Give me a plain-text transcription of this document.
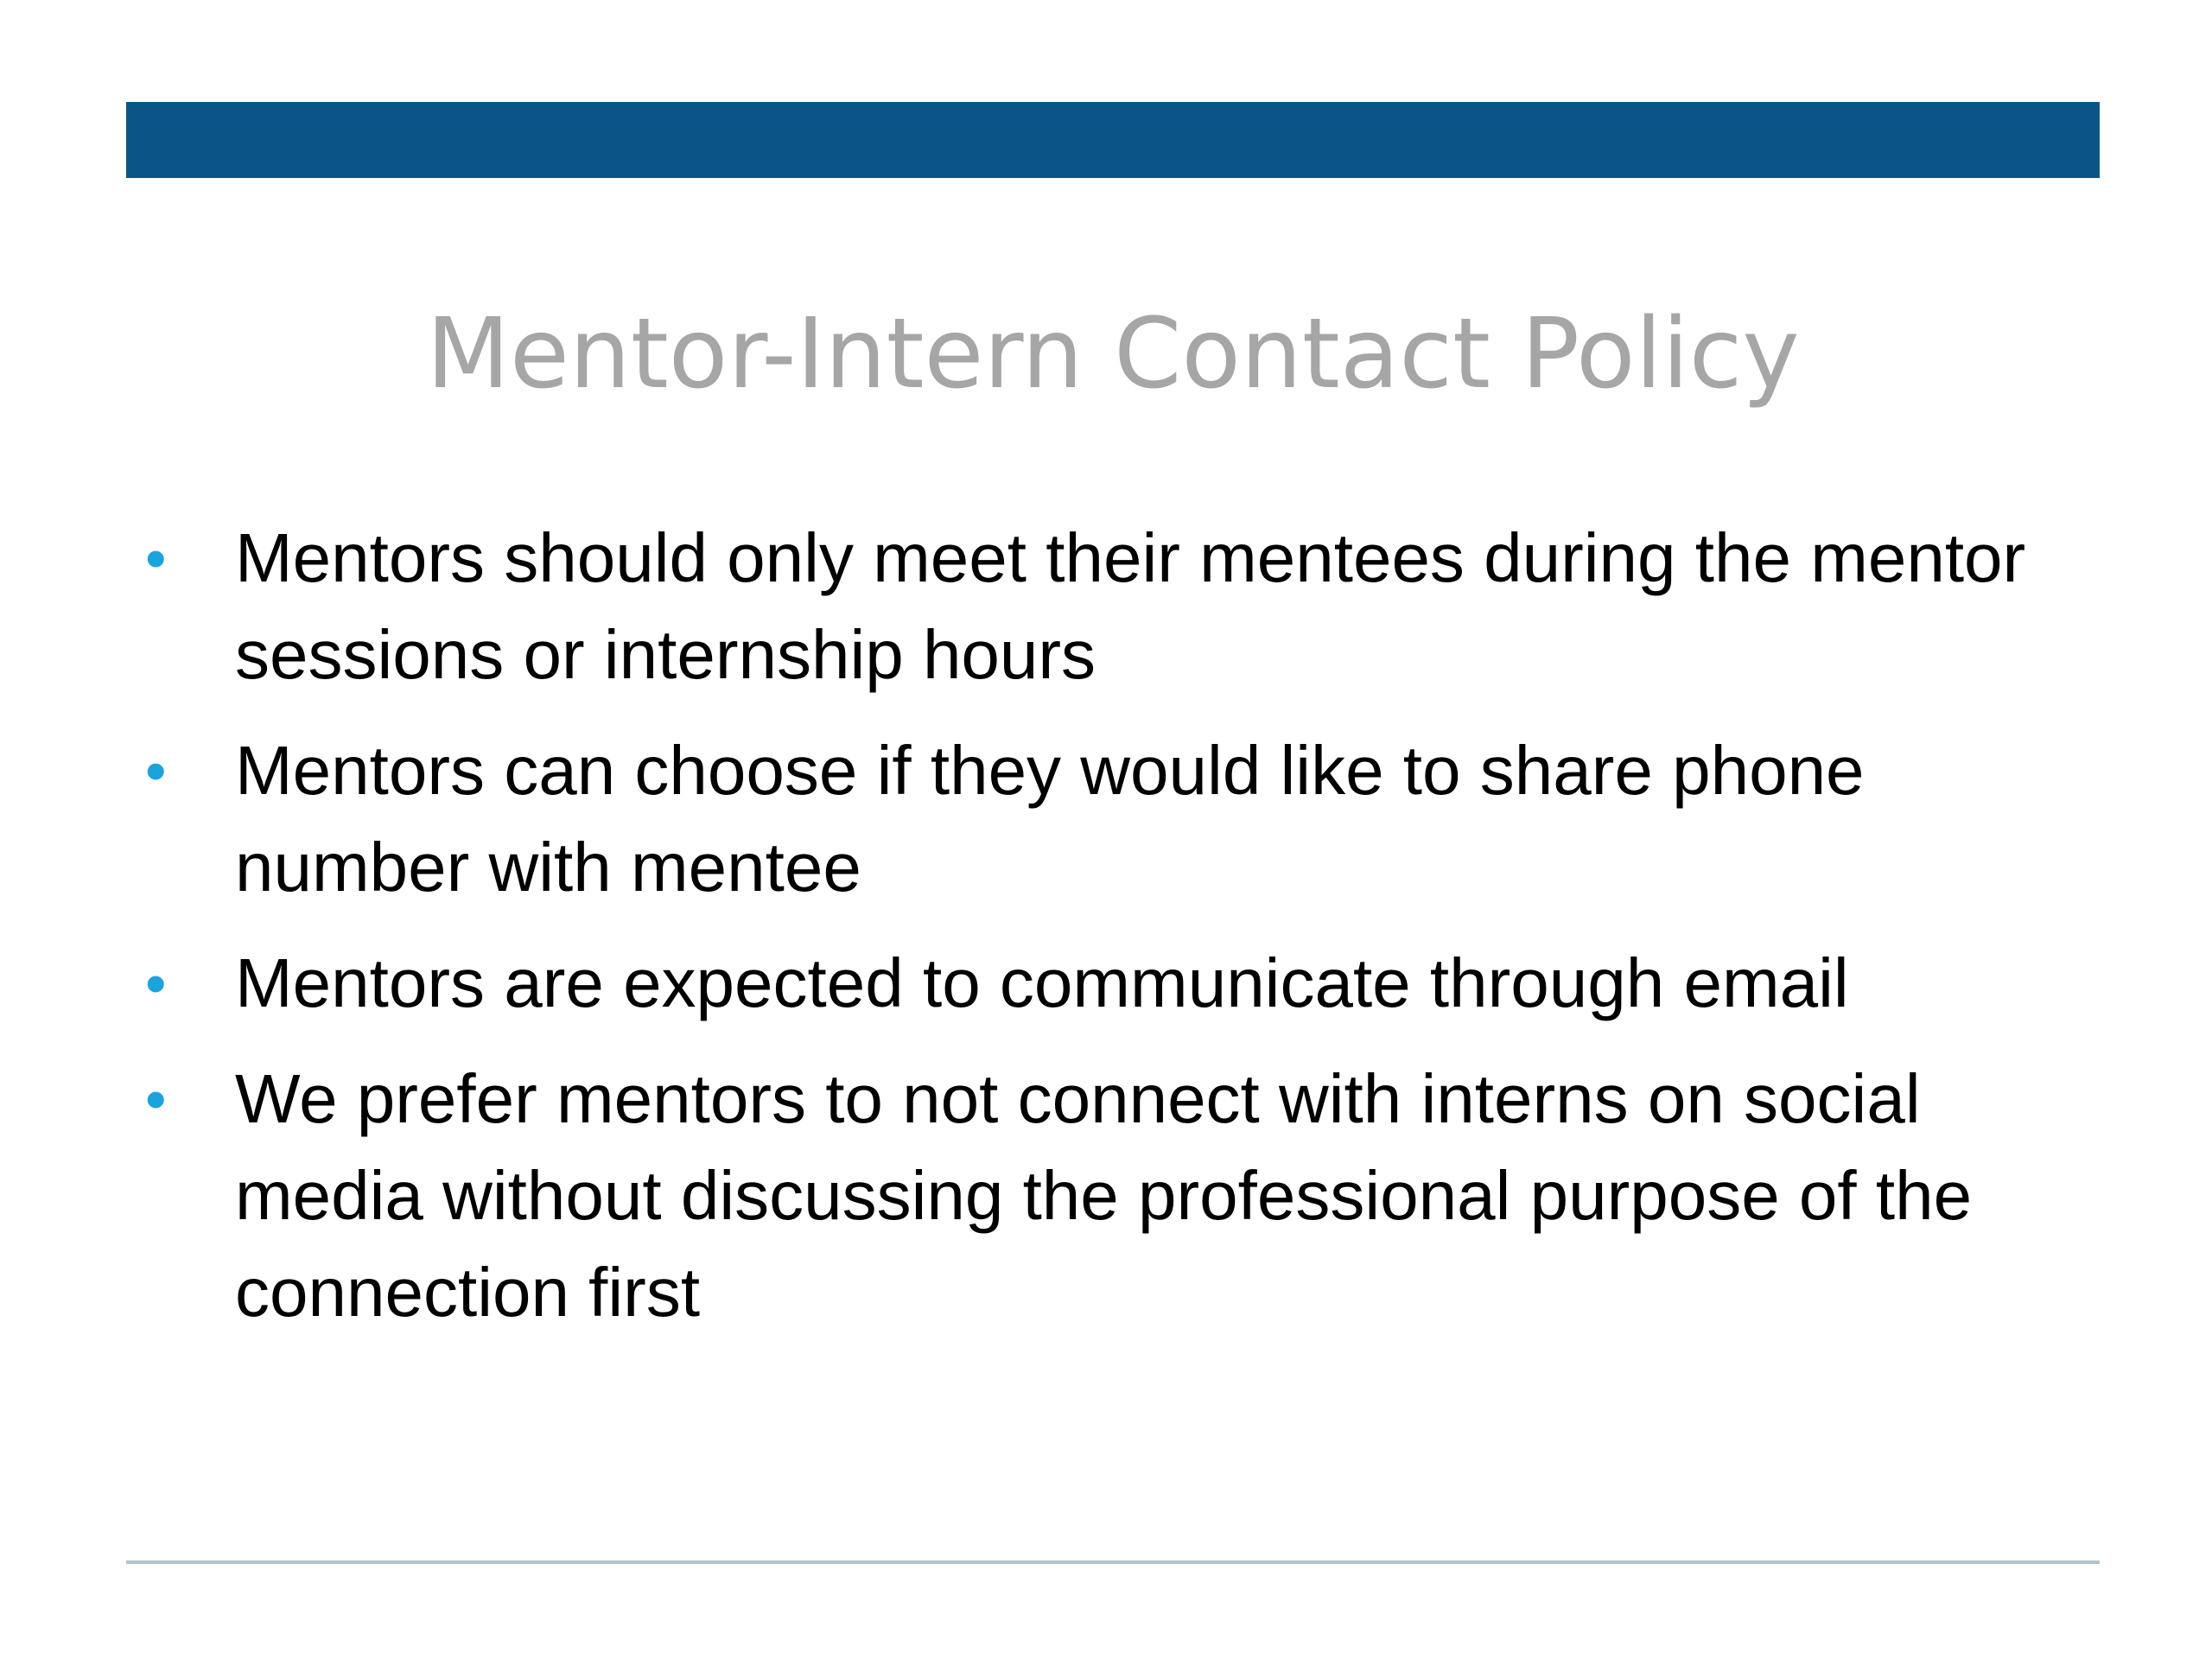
Mentor-Intern Contact Policy
• Mentors should only meet their mentees during the mentor sessions or internship hours
• Mentors can choose if they would like to share phone number with mentee
• Mentors are expected to communicate through email
• We prefer mentors to not connect with interns on social media without discussing the professional purpose of the connection first
